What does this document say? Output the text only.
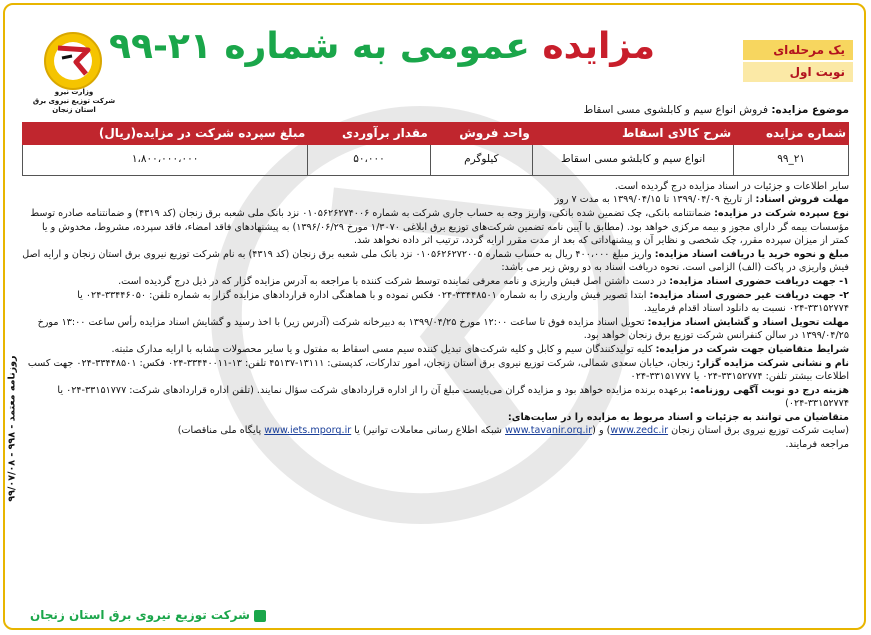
روزنامه معتمد - ۹۹۸ - ۹۹/۰۷/۰۸
وزارت نیرو
شرکت توزیع نیروی برق استان زنجان
مزایده عمومی به شماره ۲۱-۹۹	یک مرحله‌ای
نوبت اول
موضوع مزایده: فروش انواع سیم و کابلشوی مسی اسقاط
شماره مزایده	شرح کالای اسقاط	واحد فروش	مقدار برآوردی	مبلغ سپرده شرکت در مزایده(ریال)
۲۱_۹۹	انواع سیم و کابلشو مسی اسقاط	کیلوگرم	۵۰،۰۰۰	۱،۸۰۰،۰۰۰،۰۰۰

سایر اطلاعات و جزئیات در اسناد مزایده درج گردیده است.

مهلت فروش اسناد: از تاریخ ۱۳۹۹/۰۴/۰۹ تا ۱۳۹۹/۰۴/۱۵ به مدت ۷ روز

نوع سپرده شرکت در مزایده: ضمانتنامه بانکی، چک تضمین شده بانکی، واریز وجه به حساب جاری شرکت به شماره ۰۱۰۵۶۲۶۲۷۴۰۰۶ نزد بانک ملی شعبه برق زنجان (کد ۴۳۱۹) و ضمانتنامه صادره توسط مؤسسات بیمه گر دارای مجوز و بیمه مرکزی خواهد بود. (مطابق با آیین نامه تضمین شرکت‌های توزیع برق ابلاغی ۱/۳۰۷۰ مورخ ۱۳۹۶/۰۶/۲۹) به پیشنهادهای فاقد امضاء، فاقد سپرده، مشروط، مخدوش و یا کمتر از میزان سپرده مقرر، چک شخصی و نظایر آن و پیشنهاداتی که بعد از مدت مقرر ارایه گردد، ترتیب اثر داده نخواهد شد.

مبلغ و نحوه خرید یا دریافت اسناد مزایده: واریز مبلغ ۴۰۰،۰۰۰ ریال به حساب شماره ۰۱۰۵۶۲۶۲۷۲۰۰۵ نزد بانک ملی شعبه برق زنجان (کد ۴۳۱۹) به نام شرکت توزیع نیروی برق استان زنجان و ارایه اصل فیش واریزی در پاکت (الف) الزامی است. نحوه دریافت اسناد به دو روش زیر می باشد:

۱- جهت دریافت حضوری اسناد مزایده: در دست داشتن اصل فیش واریزی و نامه معرفی نماینده توسط شرکت کننده با مراجعه به آدرس مزایده گزار که در ذیل درج گردیده است.

۲- جهت دریافت غیر حضوری اسناد مزایده: ابتدا تصویر فیش واریزی را به شماره ۳۳۴۴۸۵۰۱-۰۲۴ فکس نموده و با هماهنگی اداره قراردادهای مزایده گزار به شماره تلفن: ۳۳۴۴۶۰۵۰-۰۲۴ یا ۳۳۱۵۲۷۷۴-۰۲۴ نسبت به دانلود اسناد اقدام فرمایید.

مهلت تحویل اسناد و گشایش اسناد مزایده: تحویل اسناد مزایده فوق تا ساعت ۱۲:۰۰ مورخ ۱۳۹۹/۰۴/۲۵ به دبیرخانه شرکت (آدرس زیر) با اخذ رسید و گشایش اسناد مزایده رأس ساعت ۱۳:۰۰ مورخ ۱۳۹۹/۰۴/۲۵ در سالن کنفرانس شرکت توزیع برق زنجان خواهد بود.

شرایط متقاضیان جهت شرکت در مزایده: کلیه تولیدکنندگان سیم و کابل و کلیه شرکت‌های تبدیل کننده سیم مسی اسقاط به مفتول و یا سایر محصولات مشابه با ارایه مدارک مثبته.

نام و نشانی شرکت مزایده گزار: زنجان، خیابان سعدی شمالی، شرکت توزیع نیروی برق استان زنجان، امور تدارکات، کدپستی: ۱۳۱۱۱-۴۵۱۳۷ تلفن: ۱۳-۳۳۴۴۰۰۱۱-۰۲۴ فکس: ۳۳۴۴۸۵۰۱-۰۲۴ جهت کسب اطلاعات بیشتر تلفن: ۳۳۱۵۲۷۷۴-۰۲۴ یا ۳۳۱۵۱۷۷۷-۰۲۴

هزینه درج دو نوبت آگهی روزنامه: برعهده برنده مزایده خواهد بود و مزایده گران می‌بایست مبلغ آن را از اداره قراردادهای شرکت سؤال نمایند. (تلفن اداره قراردادهای شرکت: ۳۳۱۵۱۷۷۷-۰۲۴ یا ۳۳۱۵۲۷۷۴-۰۲۴)

متقاضیان می توانند به جزئیات و اسناد مربوط به مزایده را در سایت‌های:

(سایت شرکت توزیع نیروی برق استان زنجان www.zedc.ir) و (www.tavanir.org.ir شبکه اطلاع رسانی معاملات توانیر) یا www.iets.mporg.ir پایگاه ملی مناقصات)

مراجعه فرمایند.

شرکت توزیع نیروی برق استان زنجان
